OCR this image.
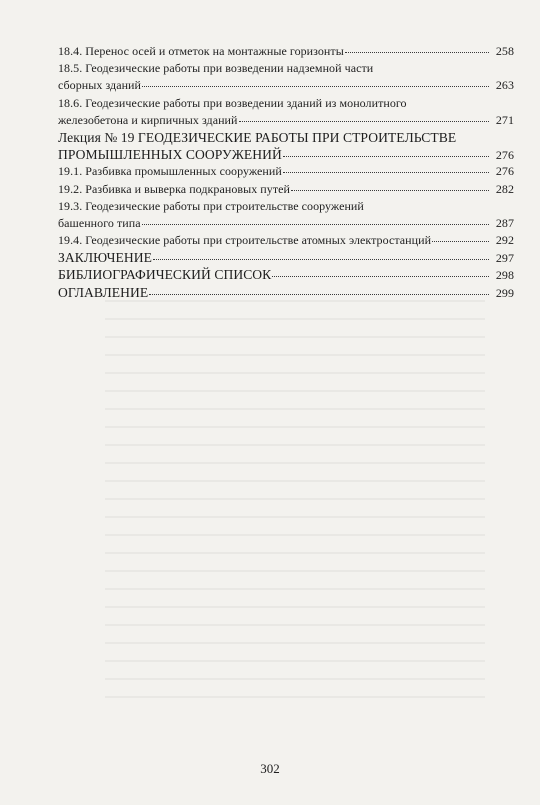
18.4. Перенос осей и отметок на монтажные горизонты	258
18.5. Геодезические работы при возведении надземной части
сборных зданий	263
18.6. Геодезические работы при возведении зданий из монолитного
железобетона и кирпичных зданий	271
Лекция № 19 ГЕОДЕЗИЧЕСКИЕ РАБОТЫ ПРИ СТРОИТЕЛЬСТВЕ
ПРОМЫШЛЕННЫХ СООРУЖЕНИЙ	276
19.1. Разбивка промышленных сооружений	276
19.2. Разбивка и выверка подкрановых путей	282
19.3. Геодезические работы при строительстве сооружений
башенного типа	287
19.4. Геодезические работы при строительстве атомных электростанций	292
ЗАКЛЮЧЕНИЕ	297
БИБЛИОГРАФИЧЕСКИЙ СПИСОК	298
ОГЛАВЛЕНИЕ	299
302
